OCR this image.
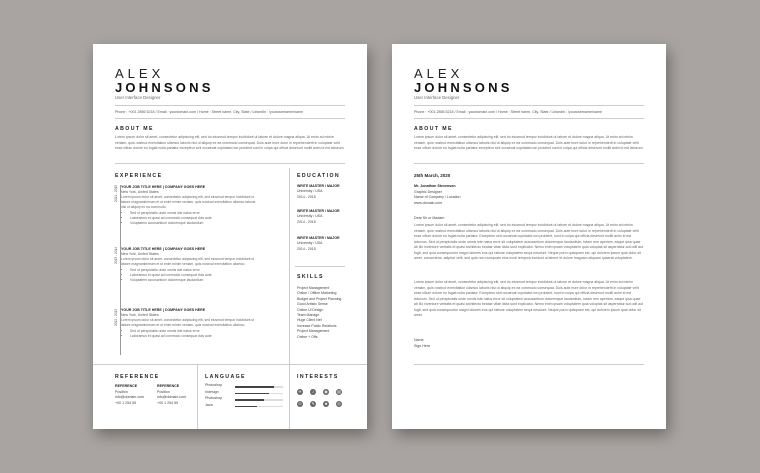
ALEX
JOHNSONS
User Interface Designer
Phone : +001 2856 5218 / Email : yourdomain.com / Home : Street name, City, State / LinkedIn : /yourusername/name
ABOUT ME
Lorem ipsum dolor sit amet, consectetur adipiscing elit, sed do eiusmod tempor incididunt ut labore et dolore magna aliqua. Ut enim ad minim veniam, quis nostrud exercitation ullamco laboris nisi ut aliquip ex ea commodo consequat. Duis aute irure dolor in reprehenderit in voluptate velit esse cillum dolore eu fugiat nulla pariatur excepteur sint occaecat cupidatat non proident sunt in culpa qui officia deserunt mollit anim id est laborum.
EXPERIENCE
2014 - 2015 YOUR JOB TITLE HERE | COMPANY GOES HERE
New York, United States
Lorem ipsum dolor sit amet, consectetur adipiscing elit, sed eiusmod tempor incididunt ut labore magnaminimum et ut enim minim veniam, quis nostrud exercitation ullamco laboris nisi ut aliquip ex ea commodo.
• Sed ut perspiciatis unde omnis iste natus error
• Laboramus et quasi ad commodo consequat duis aute
• Voluptatem accusantium doloremque laudantium
2013 - 2014 YOUR JOB TITLE HERE | COMPANY GOES HERE
New York, United States
Lorem ipsum dolor sit amet, consectetur adipiscing elit, sed eiusmod tempor incididunt ut labore magnaminimum et ut enim minim veniam, quis nostrud exercitation ullamco.
• Sed ut perspiciatis unde omnis iste natus error
• Laboramus et quasi ad commodo consequat duis aute
• Voluptatem accusantium doloremque laudantium
2012 - 2013 YOUR JOB TITLE HERE | COMPANY GOES HERE
New York, United States
Lorem ipsum dolor sit amet, consectetur adipiscing elit, sed eiusmod tempor incididunt ut labore magnaminimum et ut enim minim veniam, quis nostrud exercitation ullamco.
• Sed ut perspiciatis unde omnis iste natus error
• Laboramus et quasi ad commodo consequat duis aute
EDUCATION
WRITE MASTER / MAJOR
University / USA
2014 - 2015
WRITE MASTER / MAJOR
University / USA
2014 - 2015
WRITE MASTER / MAJOR
University / USA
2014 - 2015
SKILLS
Project Management
Online / Offline Marketing
Budget and Project Planning
Good Artistic Sense
Online Ui Design
Team Manage
Huge Client Net
Increase Public Relations
Project Management
Online + Offs
REFERENCE
REFERENCE
Position
info@domain.com
+00 1 254 55
REFERENCE
Position
info@domain.com
+00 1 254 55
LANGUAGE
Photoshop
Indesign
Photoshop
Java
INTERESTS
✈	♪	◉	▤
⊙	✎	♣	◎
ALEX
JOHNSONS
User Interface Designer
Phone : +001 2856 5218 / Email : yourdomain.com / Home : Street name, City, State / LinkedIn : /yourusername/name
ABOUT ME
Lorem ipsum dolor sit amet, consectetur adipiscing elit, sed do eiusmod tempor incididunt ut labore et dolore magna aliqua. Ut enim ad minim veniam, quis nostrud exercitation ullamco laboris nisi ut aliquip ex ea commodo consequat. Duis aute irure dolor in reprehenderit in voluptate velit esse cillum dolore eu fugiat nulla pariatur excepteur sint occaecat cupidatat non proident sunt in culpa qui officia deserunt mollit anim id est laborum.
25th March, 2020
Mr. Jonathon Stevenson
Graphic Designer
Name of Company / Location
www.domain.com
Dear Sir or Madam
Lorem ipsum dolor sit amet, consectetur adipiscing elit, sed do eiusmod tempor incididunt ut labore et dolore magna aliqua. Ut enim ad minim veniam, quis nostrud exercitation ullamco laboris nisi ut aliquip ex ea commodo consequat. Duis aute irure dolor in reprehenderit in voluptate velit esse cillum dolore eu fugiat nulla pariatur. Excepteur sint occaecat cupidatat non proident, sunt in culpa qui officia deserunt mollit anim id est laborum. Sed ut perspiciatis unde omnis iste natus error sit voluptatem accusantium doloremque laudantium, totam rem aperiam, eaque ipsa quae ab illo inventore veritatis et quasi architecto beatae vitae dicta sunt explicabo. Nemo enim ipsam voluptatem quia voluptas sit aspernatur aut odit aut fugit, sed quia consequuntur magni dolores eos qui ratione voluptatem sequi nesciunt. Neque porro quisquam est, qui dolorem ipsum quia dolor sit amet, consectetur, adipisci velit, sed quia non numquam eius modi tempora incidunt ut labore et dolore magnam aliquam quaerat voluptatem.
Lorem ipsum dolor sit amet, consectetur adipiscing elit, sed do eiusmod tempor incididunt ut labore et dolore magna aliqua. Ut enim ad minim veniam, quis nostrud exercitation ullamco laboris nisi ut aliquip ex ea commodo consequat. Duis aute irure dolor in reprehenderit in voluptate velit esse cillum dolore eu fugiat nulla pariatur. Excepteur sint occaecat cupidatat non proident, sunt in culpa qui officia deserunt mollit anim id est laborum. Sed ut perspiciatis unde omnis iste natus error sit voluptatem accusantium doloremque laudantium, totam rem aperiam, eaque ipsa quae ab illo inventore veritatis et quasi architecto beatae vitae dicta sunt explicabo. Nemo enim ipsam voluptatem quia voluptas sit aspernatur aut odit aut fugit, sed quia consequuntur magni dolores eos qui ratione voluptatem sequi nesciunt. Neque porro quisquam est, qui dolorem ipsum quia dolor sit amet.
Name
Sign Here
